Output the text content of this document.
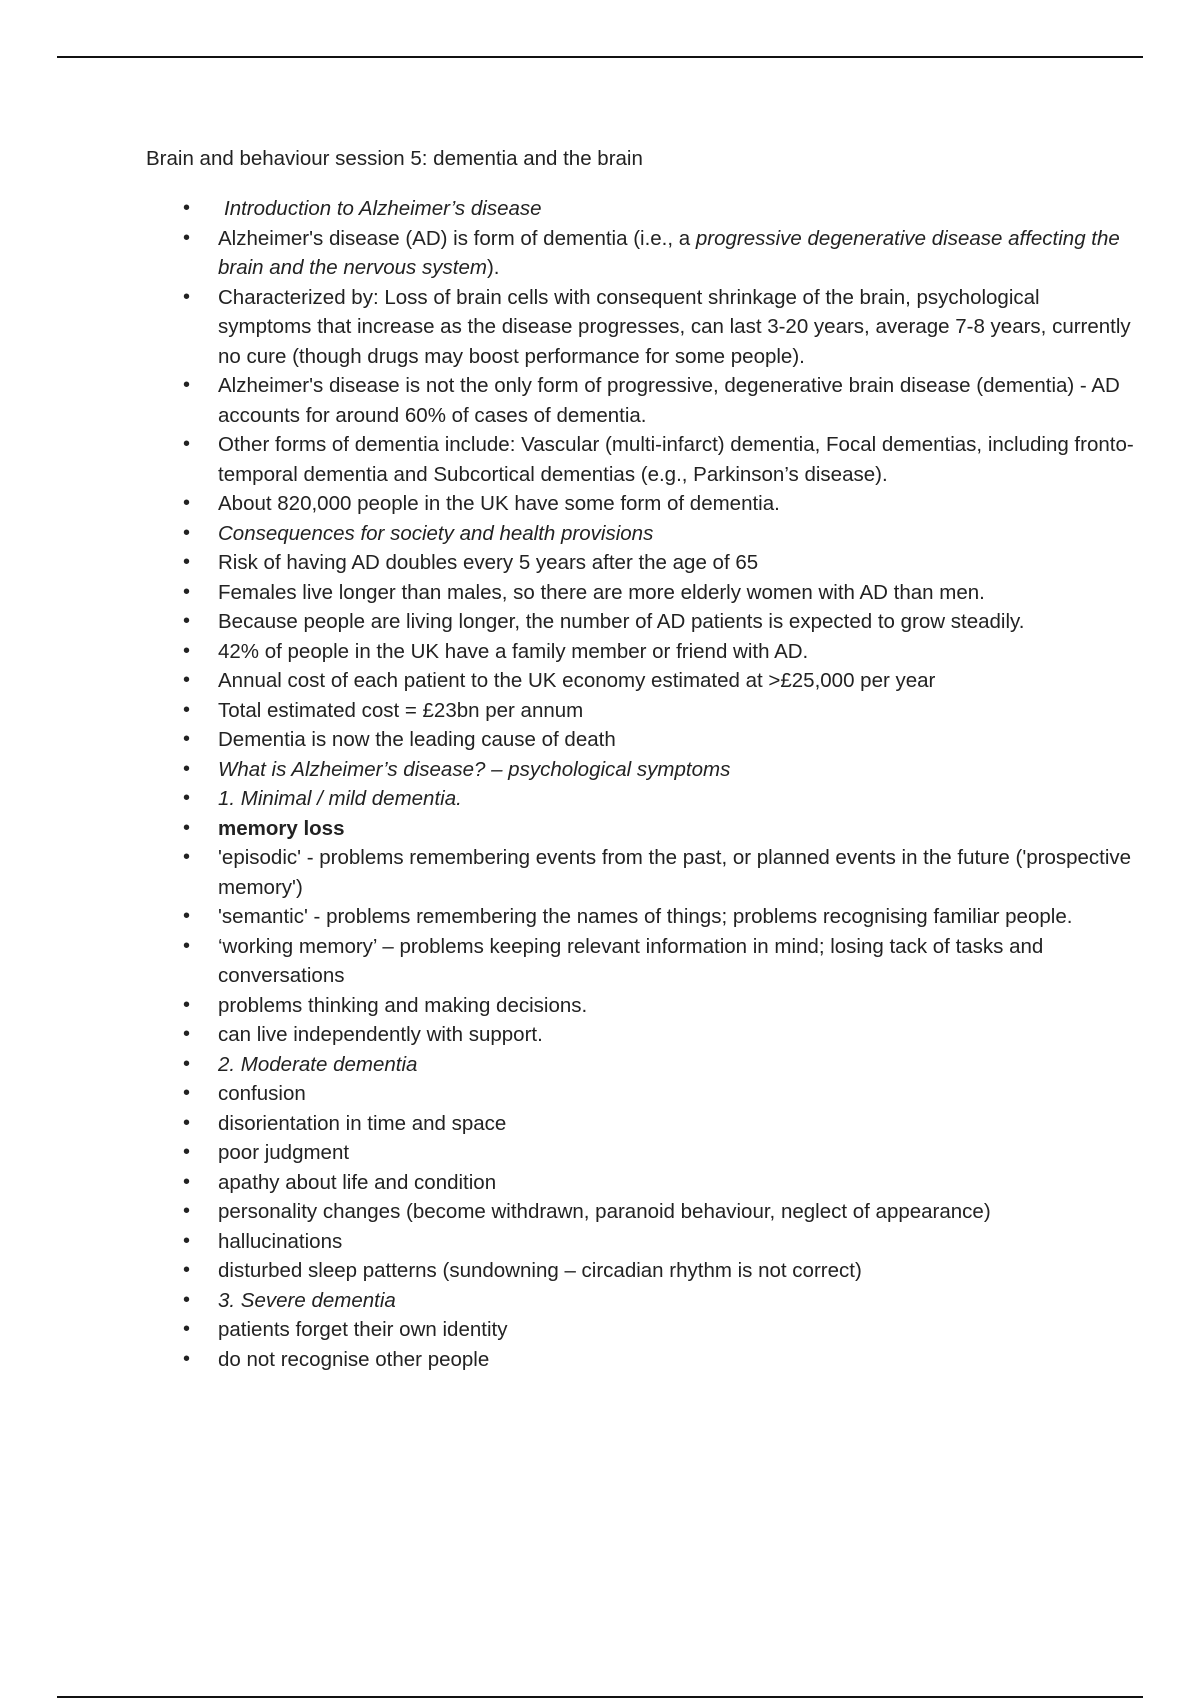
Brain and behaviour session 5: dementia and the brain
• Introduction to Alzheimer’s disease
• Alzheimer's disease (AD) is form of dementia (i.e., a progressive degenerative disease affecting the brain and the nervous system).
• Characterized by: Loss of brain cells with consequent shrinkage of the brain, psychological symptoms that increase as the disease progresses, can last 3-20 years, average 7-8 years, currently no cure (though drugs may boost performance for some people).
• Alzheimer's disease is not the only form of progressive, degenerative brain disease (dementia) - AD accounts for around 60% of cases of dementia.
• Other forms of dementia include: Vascular (multi-infarct) dementia, Focal dementias, including fronto-temporal dementia and Subcortical dementias (e.g., Parkinson’s disease).
• About 820,000 people in the UK have some form of dementia.
• Consequences for society and health provisions
• Risk of having AD doubles every 5 years after the age of 65
• Females live longer than males, so there are more elderly women with AD than men.
• Because people are living longer, the number of AD patients is expected to grow steadily.
• 42% of people in the UK have a family member or friend with AD.
• Annual cost of each patient to the UK economy estimated at >£25,000 per year
• Total estimated cost = £23bn per annum
• Dementia is now the leading cause of death
• What is Alzheimer’s disease? – psychological symptoms
• 1. Minimal / mild dementia.
• memory loss
• 'episodic' - problems remembering events from the past, or planned events in the future ('prospective memory')
• 'semantic' - problems remembering the names of things; problems recognising familiar people.
• ‘working memory’ – problems keeping relevant information in mind; losing tack of tasks and conversations
• problems thinking and making decisions.
• can live independently with support.
• 2. Moderate dementia
• confusion
• disorientation in time and space
• poor judgment
• apathy about life and condition
• personality changes (become withdrawn, paranoid behaviour, neglect of appearance)
• hallucinations
• disturbed sleep patterns (sundowning – circadian rhythm is not correct)
• 3. Severe dementia
• patients forget their own identity
• do not recognise other people
